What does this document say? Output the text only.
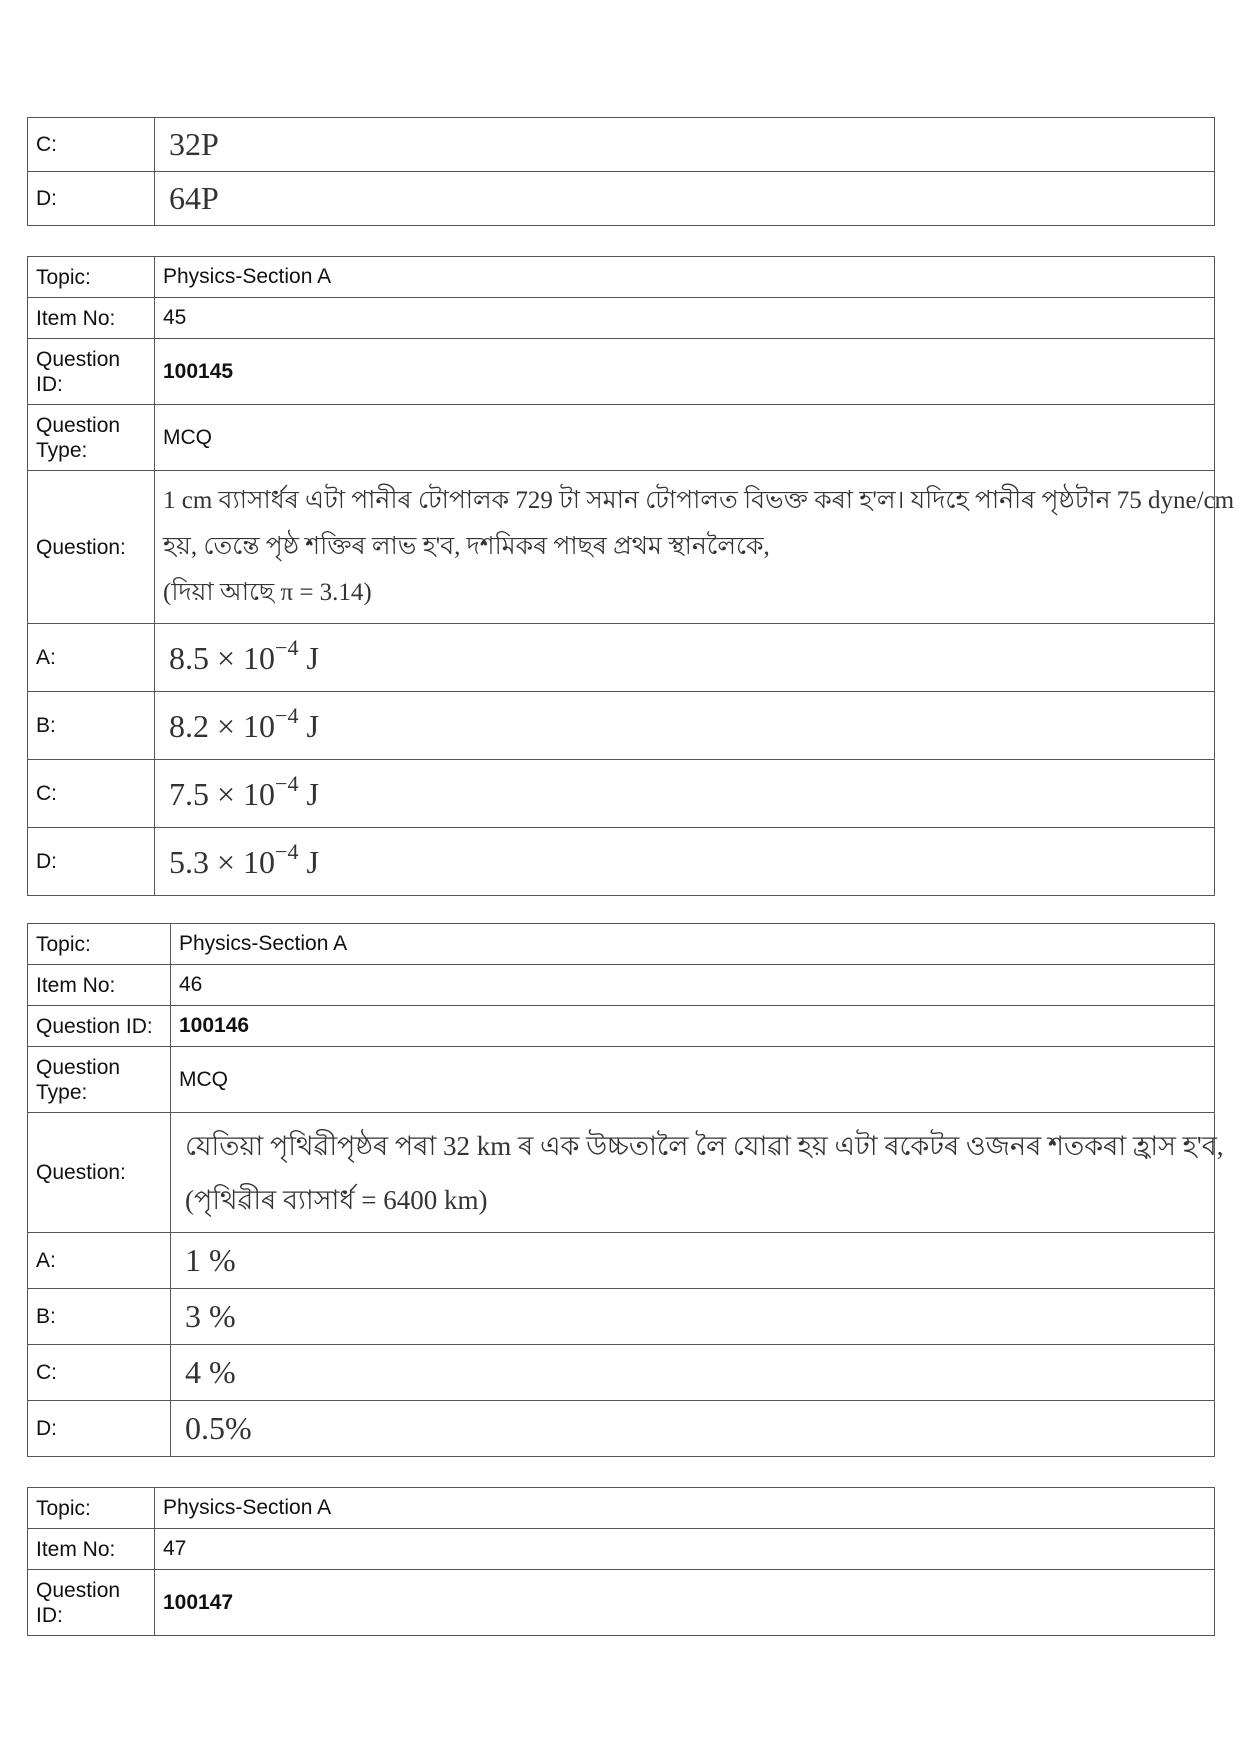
C:	32P
D:	64P
Topic:	Physics-Section A
Item No:	45
Question ID:	100145
Question Type:	MCQ
Question:	1 cm ব্যাসাৰ্ধৰ এটা পানীৰ টোপালক 729 টা সমান টোপালত বিভক্ত কৰা হ'ল। যদিহে পানীৰ পৃষ্ঠটান 75 dyne/cm
হয়, তেন্তে পৃষ্ঠ শক্তিৰ লাভ হ'ব, দশমিকৰ পাছৰ প্ৰথম স্থানলৈকে,
(দিয়া আছে π = 3.14)

A:	$8.5 \times 10^{-4}$ J
B:	$8.2 \times 10^{-4}$ J
C:	$7.5 \times 10^{-4}$ J
D:	$5.3 \times 10^{-4}$ J
Topic:	Physics-Section A
Item No:	46
Question ID:	100146
Question Type:	MCQ
Question:	যেতিয়া পৃথিৱীপৃষ্ঠৰ পৰা 32 km ৰ এক উচ্চতালৈ লৈ যোৱা হয় এটা ৰকেটৰ ওজনৰ শতকৰা হ্ৰাস হ'ব,
(পৃথিৱীৰ ব্যাসাৰ্ধ = 6400 km)

A:	1 %
B:	3 %
C:	4 %
D:	0.5%
Topic:	Physics-Section A
Item No:	47
Question ID:	100147
